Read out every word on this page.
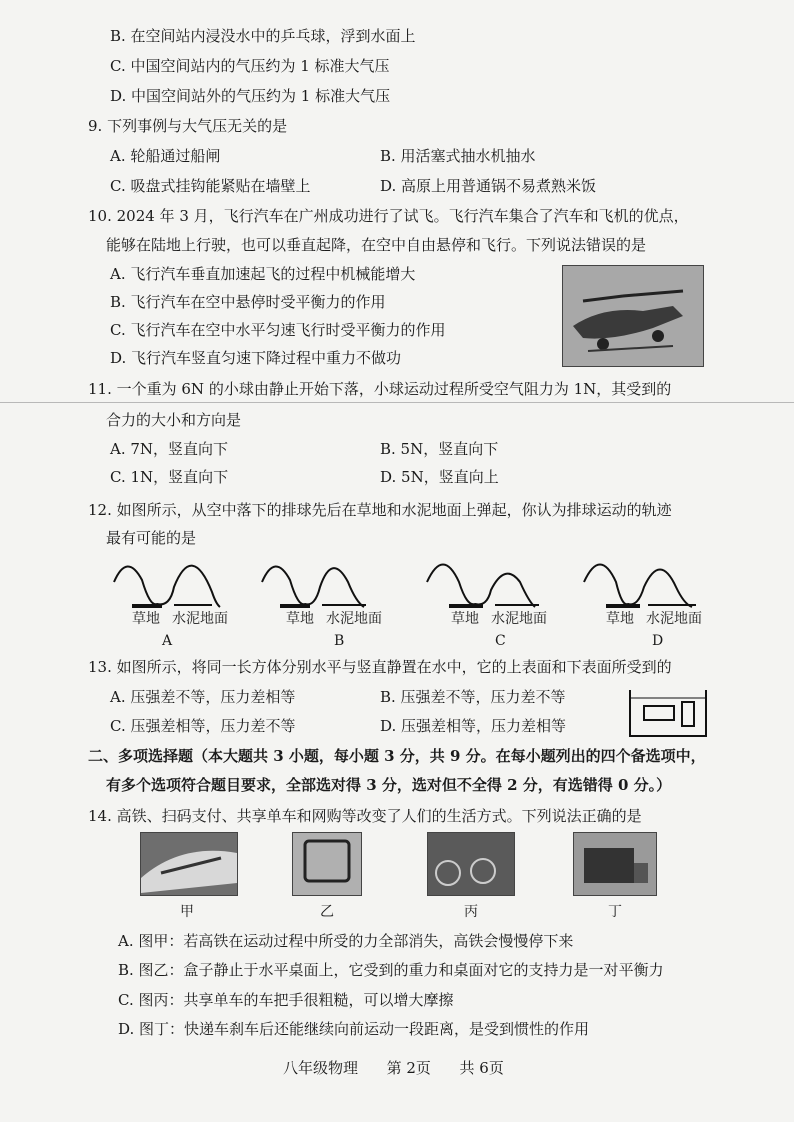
B. 在空间站内浸没水中的乒乓球，浮到水面上
C. 中国空间站内的气压约为 1 标准大气压
D. 中国空间站外的气压约为 1 标准大气压
9. 下列事例与大气压无关的是
A. 轮船通过船闸	B. 用活塞式抽水机抽水
C. 吸盘式挂钩能紧贴在墙壁上	D. 高原上用普通锅不易煮熟米饭
10. 2024 年 3 月，飞行汽车在广州成功进行了试飞。飞行汽车集合了汽车和飞机的优点，
能够在陆地上行驶，也可以垂直起降，在空中自由悬停和飞行。下列说法错误的是
A. 飞行汽车垂直加速起飞的过程中机械能增大
B. 飞行汽车在空中悬停时受平衡力的作用
C. 飞行汽车在空中水平匀速飞行时受平衡力的作用
D. 飞行汽车竖直匀速下降过程中重力不做功
11. 一个重为 6N 的小球由静止开始下落，小球运动过程所受空气阻力为 1N，其受到的
合力的大小和方向是
A. 7N，竖直向下	B. 5N，竖直向下
C. 1N，竖直向下	D. 5N，竖直向上
12. 如图所示，从空中落下的排球先后在草地和水泥地面上弹起，你认为排球运动的轨迹
最有可能的是
草地 水泥地面
A
草地 水泥地面
B
草地 水泥地面
C
草地 水泥地面
D
13. 如图所示，将同一长方体分别水平与竖直静置在水中，它的上表面和下表面所受到的
A. 压强差不等，压力差相等	B. 压强差不等，压力差不等
C. 压强差相等，压力差不等	D. 压强差相等，压力差相等
二、多项选择题（本大题共 3 小题，每小题 3 分，共 9 分。在每小题列出的四个备选项中，
有多个选项符合题目要求，全部选对得 3 分，选对但不全得 2 分，有选错得 0 分。）
14. 高铁、扫码支付、共享单车和网购等改变了人们的生活方式。下列说法正确的是
甲	乙	丙	丁
A. 图甲：若高铁在运动过程中所受的力全部消失，高铁会慢慢停下来
B. 图乙：盒子静止于水平桌面上，它受到的重力和桌面对它的支持力是一对平衡力
C. 图丙：共享单车的车把手很粗糙，可以增大摩擦
D. 图丁：快递车刹车后还能继续向前运动一段距离，是受到惯性的作用
八年级物理      第 2页      共 6页
